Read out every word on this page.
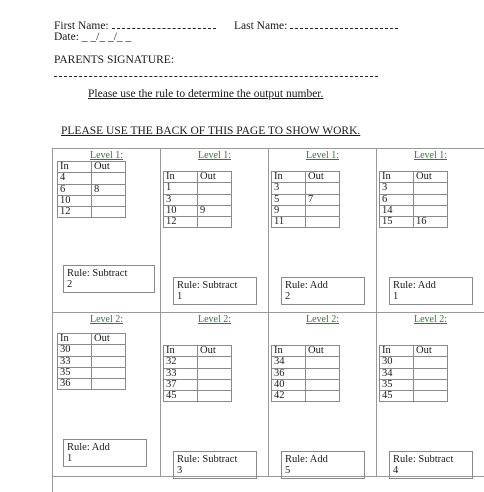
First Name:	Last Name:
Date: _ _/_ _/_ _
PARENTS SIGNATURE:
Please use the rule to determine the output number.
PLEASE USE THE BACK OF THIS PAGE TO SHOW WORK.
Level 1:
In	Out
4	
6	8
10	
12	
Rule: Subtract
2
Level 1:
In	Out
1	
3	
10	9
12	
Rule: Subtract
1
Level 1:
In	Out
3	
5	7
9	
11	
Rule: Add
2
Level 1:
In	Out
3	
6	
14	
15	16
Rule: Add
1
Level 2:
In	Out
30	
33	
35	
36	
Rule: Add
1
Level 2:
In	Out
32	
33	
37	
45	
Rule: Subtract
3
Level 2:
In	Out
34	
36	
40	
42	
Rule: Add
5
Level 2:
In	Out
30	
34	
35	
45	
Rule: Subtract
4
